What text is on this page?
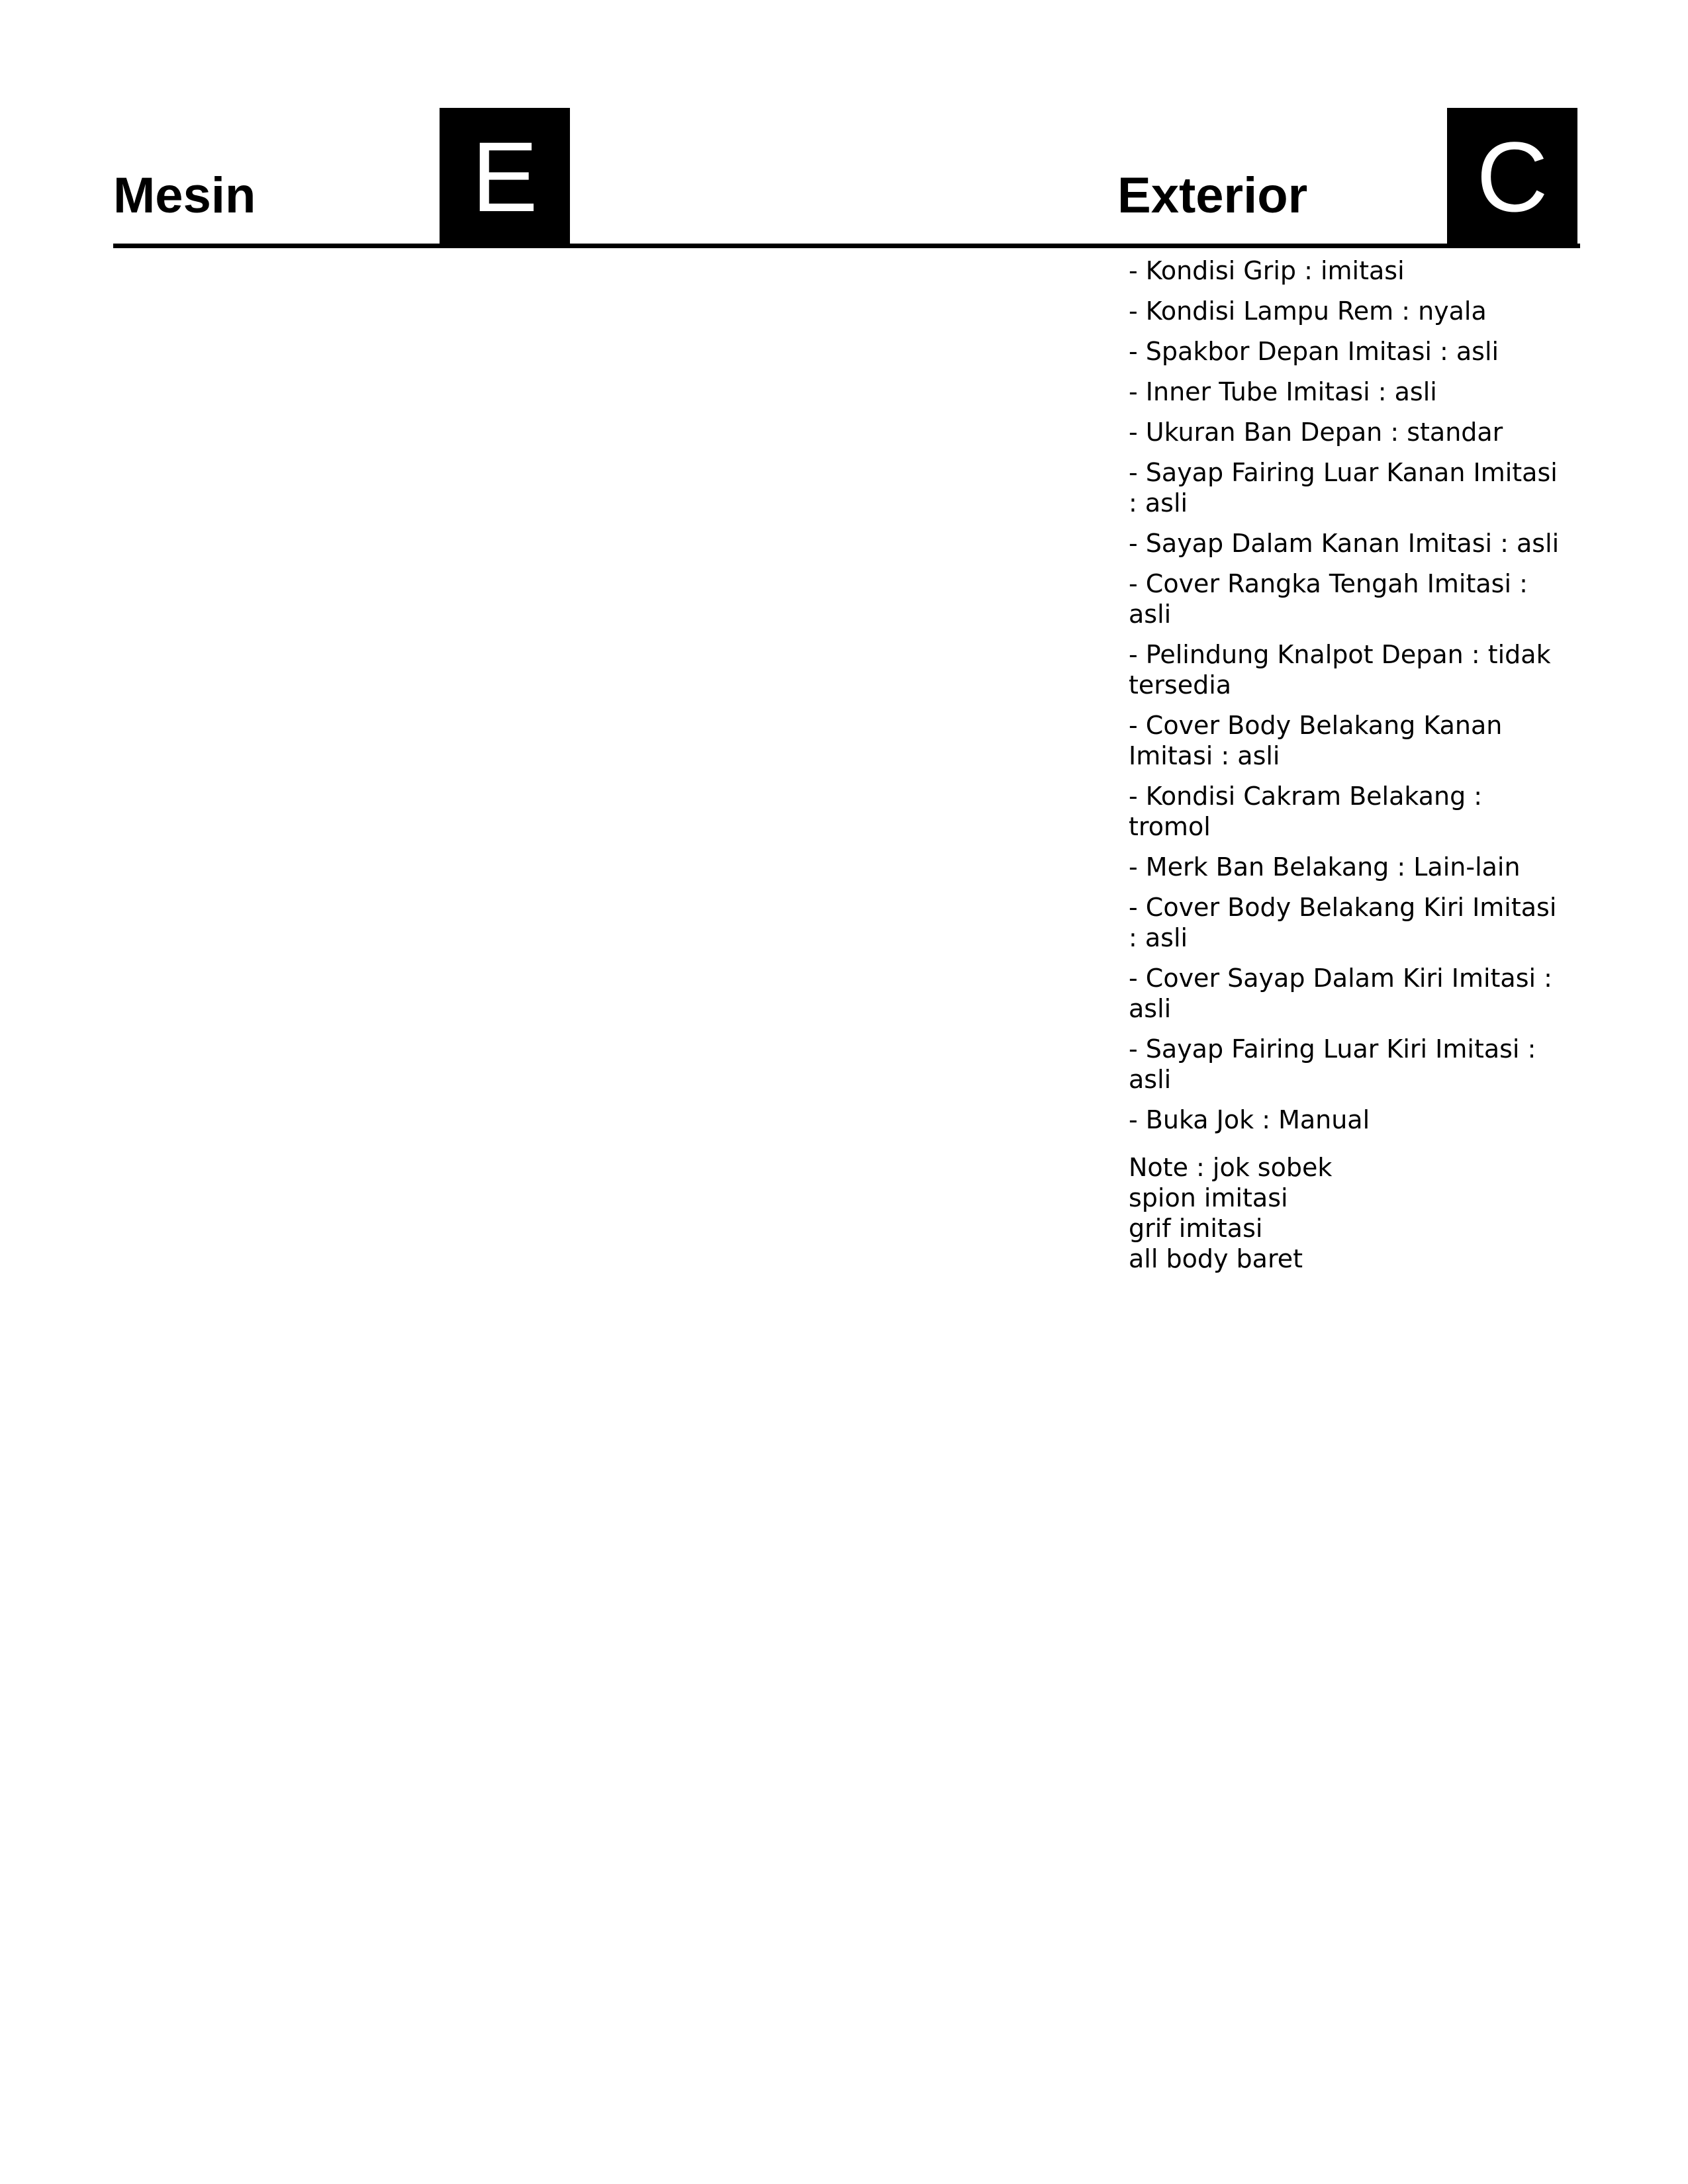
Mesin	E	Exterior C
- Kondisi Grip : imitasi
- Kondisi Lampu Rem : nyala
- Spakbor Depan Imitasi : asli
- Inner Tube Imitasi : asli
- Ukuran Ban Depan : standar
- Sayap Fairing Luar Kanan Imitasi : asli
- Sayap Dalam Kanan Imitasi : asli
- Cover Rangka Tengah Imitasi : asli
- Pelindung Knalpot Depan : tidak tersedia
- Cover Body Belakang Kanan Imitasi : asli
- Kondisi Cakram Belakang : tromol
- Merk Ban Belakang : Lain-lain
- Cover Body Belakang Kiri Imitasi : asli
- Cover Sayap Dalam Kiri Imitasi : asli
- Sayap Fairing Luar Kiri Imitasi : asli
- Buka Jok : Manual
Note : jok sobek
spion imitasi
grif imitasi
all body baret
